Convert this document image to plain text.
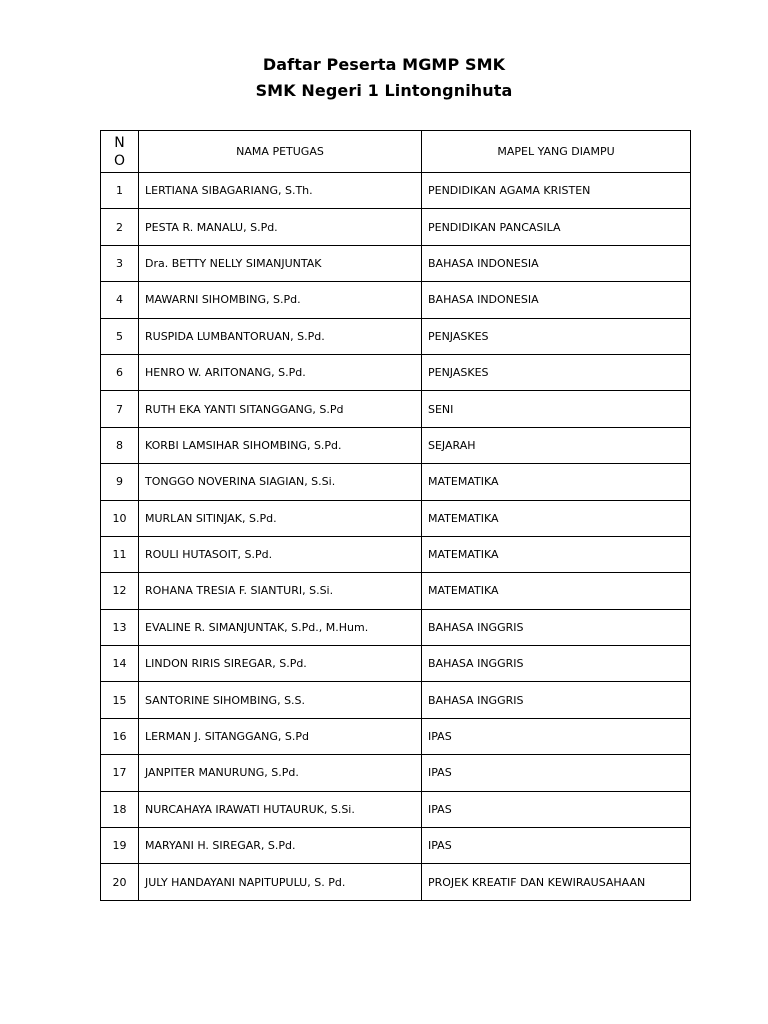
Daftar Peserta MGMP SMK
SMK Negeri 1 Lintongnihuta
N
O	NAMA PETUGAS	MAPEL YANG DIAMPU
1	LERTIANA SIBAGARIANG, S.Th.	PENDIDIKAN AGAMA KRISTEN
2	PESTA R. MANALU, S.Pd.	PENDIDIKAN PANCASILA
3	Dra. BETTY NELLY SIMANJUNTAK	BAHASA INDONESIA
4	MAWARNI SIHOMBING, S.Pd.	BAHASA INDONESIA
5	RUSPIDA LUMBANTORUAN, S.Pd.	PENJASKES
6	HENRO W. ARITONANG, S.Pd.	PENJASKES
7	RUTH EKA YANTI SITANGGANG, S.Pd	SENI
8	KORBI LAMSIHAR SIHOMBING, S.Pd.	SEJARAH
9	TONGGO NOVERINA SIAGIAN, S.Si.	MATEMATIKA
10	MURLAN SITINJAK, S.Pd.	MATEMATIKA
11	ROULI HUTASOIT, S.Pd.	MATEMATIKA
12	ROHANA TRESIA F. SIANTURI, S.Si.	MATEMATIKA
13	EVALINE R. SIMANJUNTAK, S.Pd., M.Hum.	BAHASA INGGRIS
14	LINDON RIRIS SIREGAR, S.Pd.	BAHASA INGGRIS
15	SANTORINE SIHOMBING, S.S.	BAHASA INGGRIS
16	LERMAN J. SITANGGANG, S.Pd	IPAS
17	JANPITER MANURUNG, S.Pd.	IPAS
18	NURCAHAYA IRAWATI HUTAURUK, S.Si.	IPAS
19	MARYANI H. SIREGAR, S.Pd.	IPAS
20	JULY HANDAYANI NAPITUPULU, S. Pd.	PROJEK KREATIF DAN KEWIRAUSAHAAN
